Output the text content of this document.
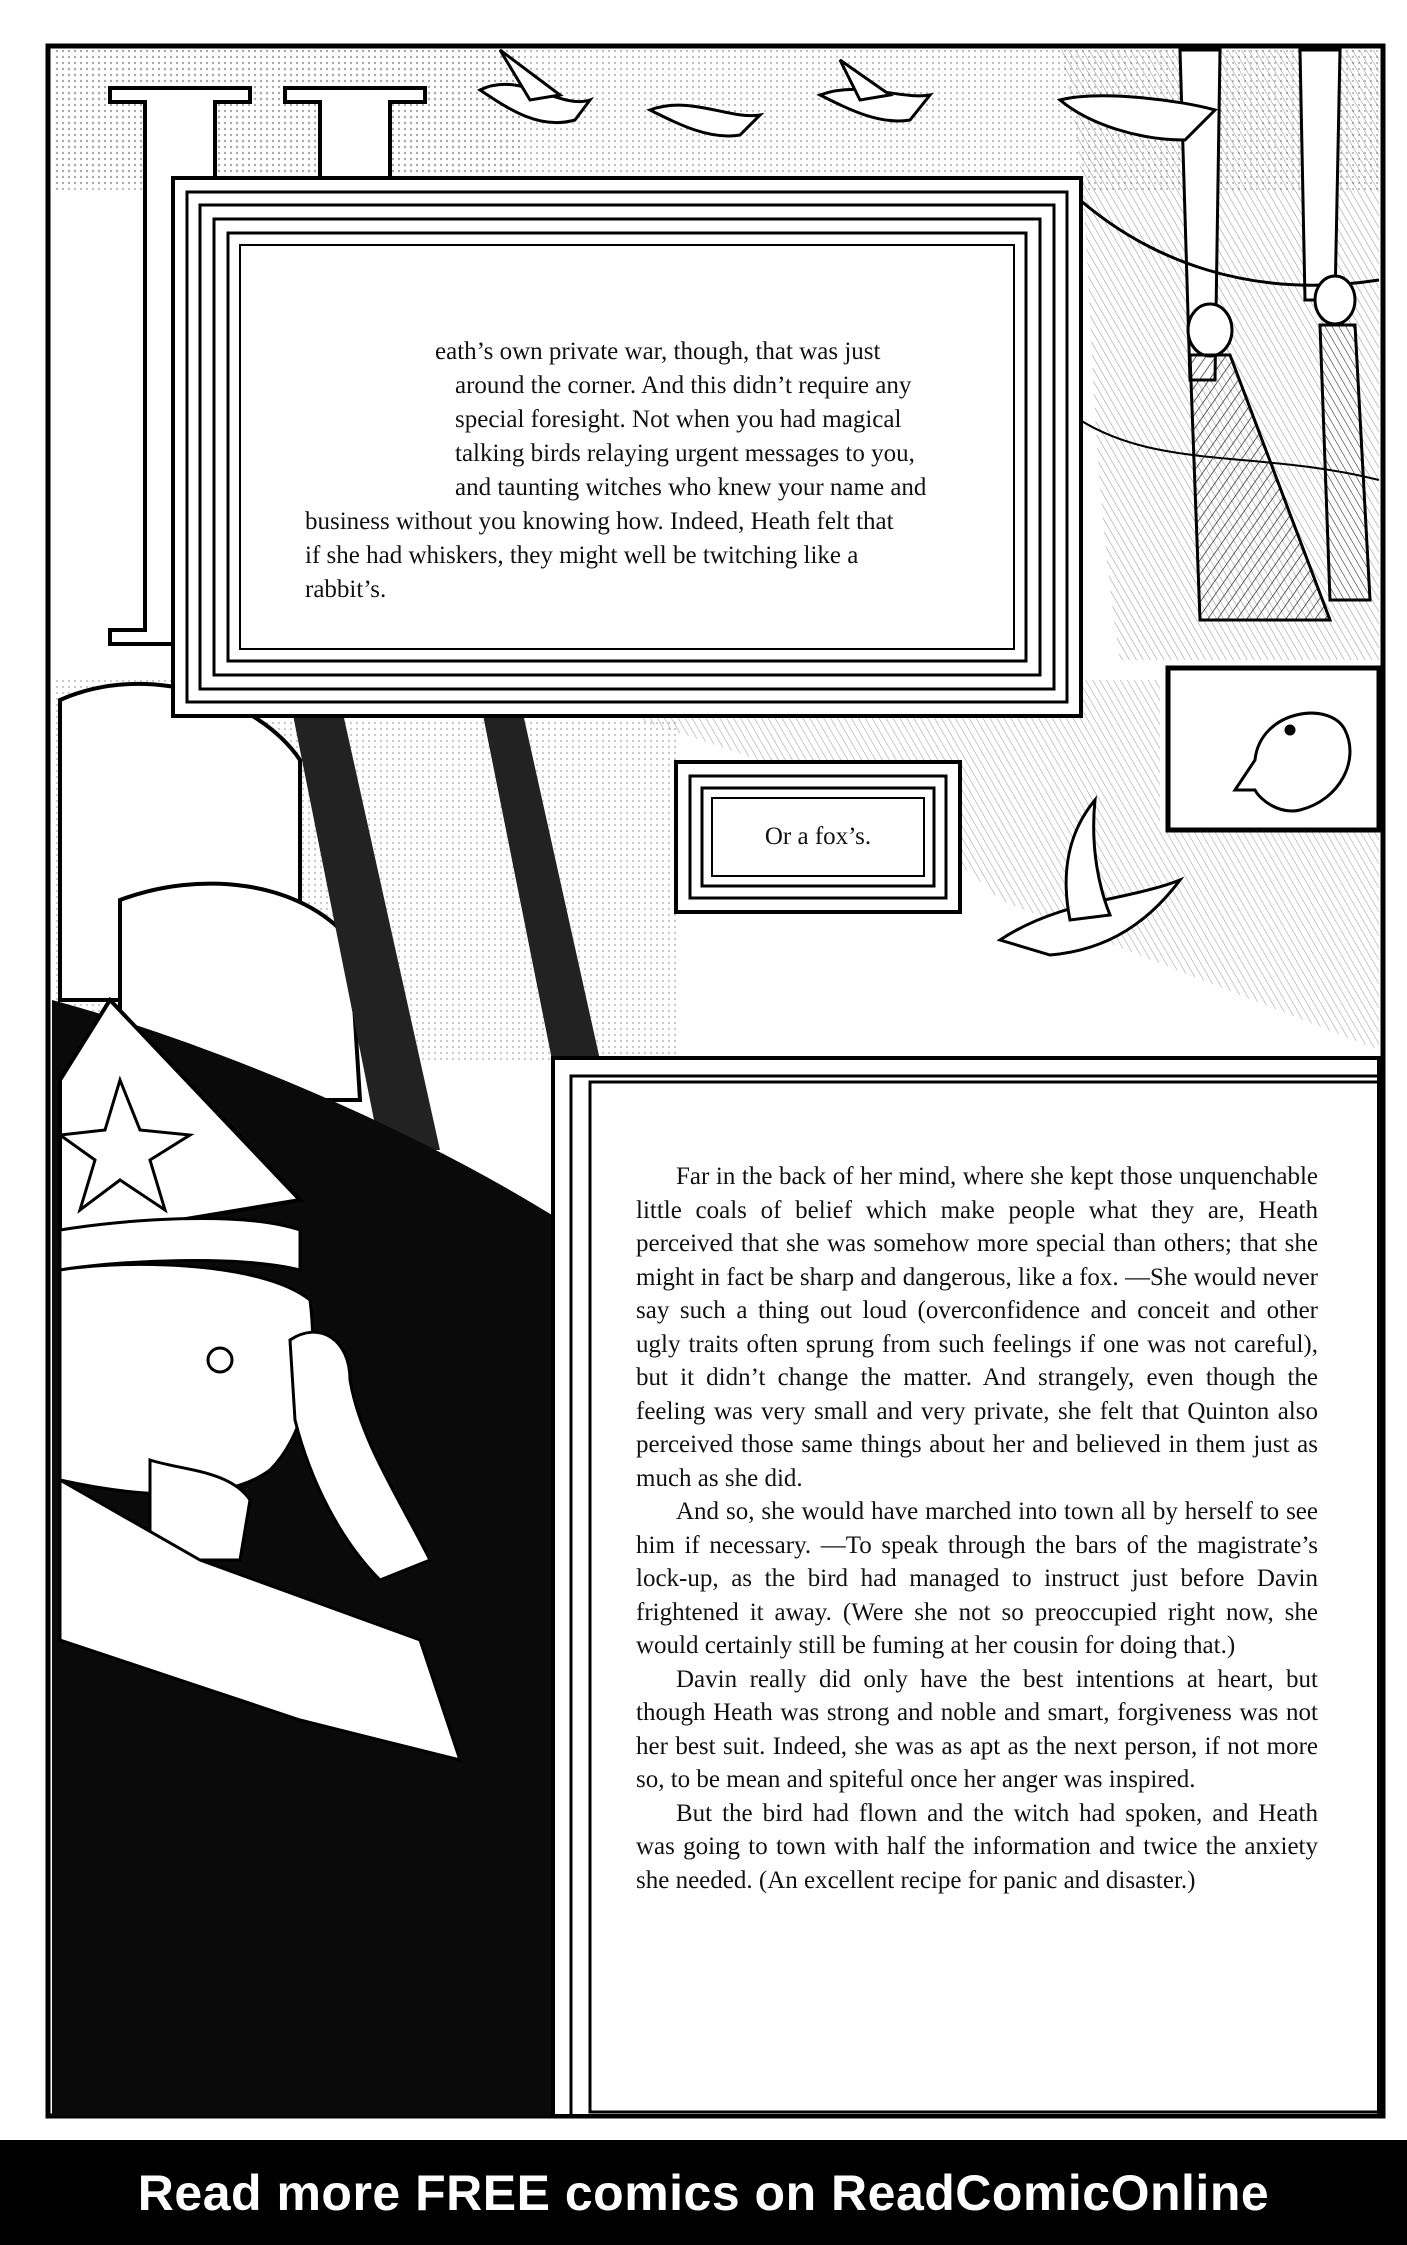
eath’s own private war, though, that was just
around the corner. And this didn’t require any
special foresight. Not when you had magical
talking birds relaying urgent messages to you,
and taunting witches who knew your name and
business without you knowing how. Indeed, Heath felt that
if she had whiskers, they might well be twitching like a
rabbit’s.
Or a fox’s.

Far in the back of her mind, where she kept those unquenchable little coals of belief which make people what they are, Heath perceived that she was somehow more special than others; that she might in fact be sharp and dangerous, like a fox. —She would never say such a thing out loud (overconfidence and conceit and other ugly traits often sprung from such feelings if one was not careful), but it didn’t change the matter. And strangely, even though the feeling was very small and very private, she felt that Quinton also perceived those same things about her and believed in them just as much as she did.

And so, she would have marched into town all by herself to see him if necessary. —To speak through the bars of the magistrate’s lock-up, as the bird had managed to instruct just before Davin frightened it away. (Were she not so preoccupied right now, she would certainly still be fuming at her cousin for doing that.)

Davin really did only have the best intentions at heart, but though Heath was strong and noble and smart, forgiveness was not her best suit. Indeed, she was as apt as the next person, if not more so, to be mean and spiteful once her anger was inspired.

But the bird had flown and the witch had spoken, and Heath was going to town with half the information and twice the anxiety she needed. (An excellent recipe for panic and disaster.)

Read more FREE comics on ReadComicOnline
